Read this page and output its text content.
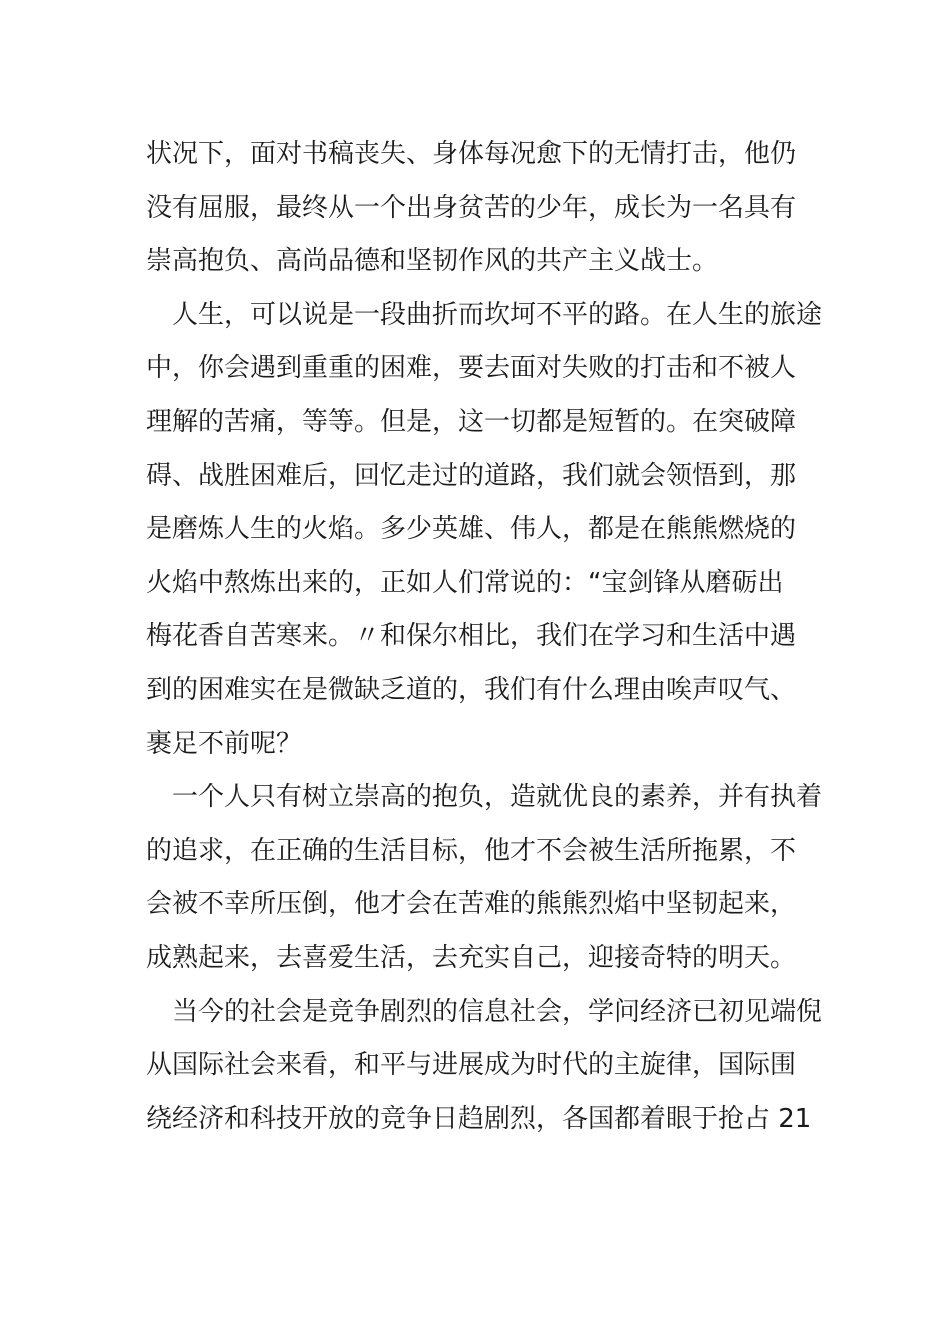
状况下，面对书稿丧失、身体每况愈下的无情打击，他仍
没有屈服，最终从一个出身贫苦的少年，成长为一名具有
崇高抱负、高尚品德和坚韧作风的共产主义战士。
人生，可以说是一段曲折而坎坷不平的路。在人生的旅途
中，你会遇到重重的困难，要去面对失败的打击和不被人
理解的苦痛，等等。但是，这一切都是短暂的。在突破障
碍、战胜困难后，回忆走过的道路，我们就会领悟到，那
是磨炼人生的火焰。多少英雄、伟人，都是在熊熊燃烧的
火焰中熬炼出来的，正如人们常说的：“宝剑锋从磨砺出
梅花香自苦寒来。〃和保尔相比，我们在学习和生活中遇
到的困难实在是微缺乏道的，我们有什么理由唉声叹气、
裹足不前呢？
一个人只有树立崇高的抱负，造就优良的素养，并有执着
的追求，在正确的生活目标，他才不会被生活所拖累，不
会被不幸所压倒，他才会在苦难的熊熊烈焰中坚韧起来，
成熟起来，去喜爱生活，去充实自己，迎接奇特的明天。
当今的社会是竞争剧烈的信息社会，学问经济已初见端倪
从国际社会来看，和平与进展成为时代的主旋律，国际围
绕经济和科技开放的竞争日趋剧烈，各国都着眼于抢占 21
